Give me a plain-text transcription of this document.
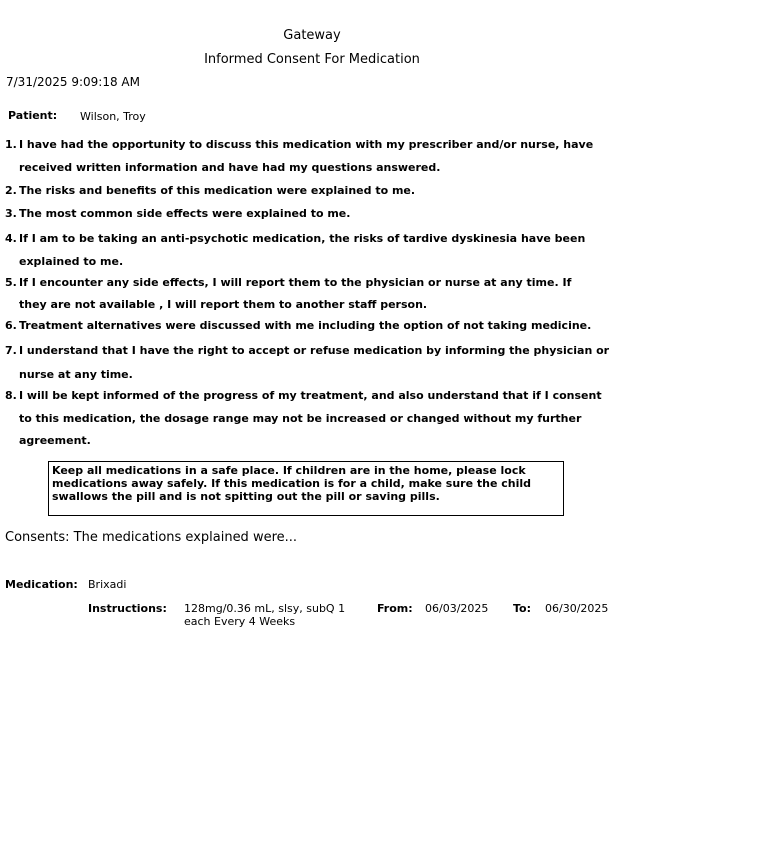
Gateway
Informed Consent For Medication
7/31/2025 9:09:18 AM
Patient: Wilson, Troy
1. I have had the opportunity to discuss this medication with my prescriber and/or nurse, have
received written information and have had my questions answered.
2. The risks and benefits of this medication were explained to me.
3. The most common side effects were explained to me.
4. If I am to be taking an anti-psychotic medication, the risks of tardive dyskinesia have been
explained to me.
5. If I encounter any side effects, I will report them to the physician or nurse at any time. If
they are not available , I will report them to another staff person.
6. Treatment alternatives were discussed with me including the option of not taking medicine.
7. I understand that I have the right to accept or refuse medication by informing the physician or
nurse at any time.
8. I will be kept informed of the progress of my treatment, and also understand that if I consent
to this medication, the dosage range may not be increased or changed without my further
agreement.
Keep all medications in a safe place. If children are in the home, please lock
medications away safely. If this medication is for a child, make sure the child
swallows the pill and is not spitting out the pill or saving pills.
Consents: The medications explained were...
Medication: Brixadi
Instructions: 128mg/0.36 mL, slsy, subQ 1
each Every 4 Weeks
From: 06/03/2025 To: 06/30/2025
